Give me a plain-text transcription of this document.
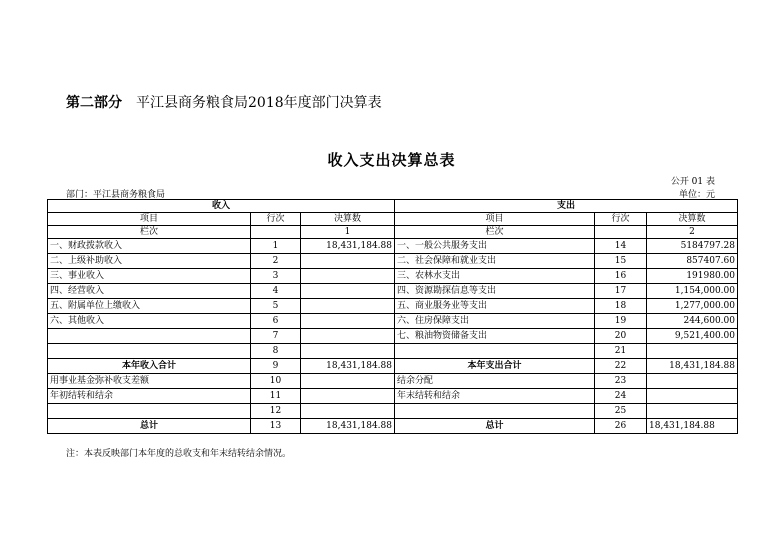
第二部分 平江县商务粮食局2018年度部门决算表
收入支出决算总表
公开 01 表
部门：平江县商务粮食局	单位：元
收入			支出		
项目	行次	决算数	项目	行次	决算数
栏次		1	栏次		2
一、财政拨款收入	1	18,431,184.88	一、一般公共服务支出	14	5184797.28
二、上级补助收入	2		二、社会保障和就业支出	15	857407.60
三、事业收入	3		三、农林水支出	16	191980.00
四、经营收入	4		四、资源勘探信息等支出	17	1,154,000.00
五、附属单位上缴收入	5		五、商业服务业等支出	18	1,277,000.00
六、其他收入	6		六、住房保障支出	19	244,600.00
	7		七、粮油物资储备支出	20	9,521,400.00
	8			21	
本年收入合计	9	18,431,184.88	本年支出合计	22	18,431,184.88
用事业基金弥补收支差额	10		结余分配	23	
年初结转和结余	11		年末结转和结余	24	
	12			25	
总计	13	18,431,184.88	总计	26	18,431,184.88
注：本表反映部门本年度的总收支和年末结转结余情况。
